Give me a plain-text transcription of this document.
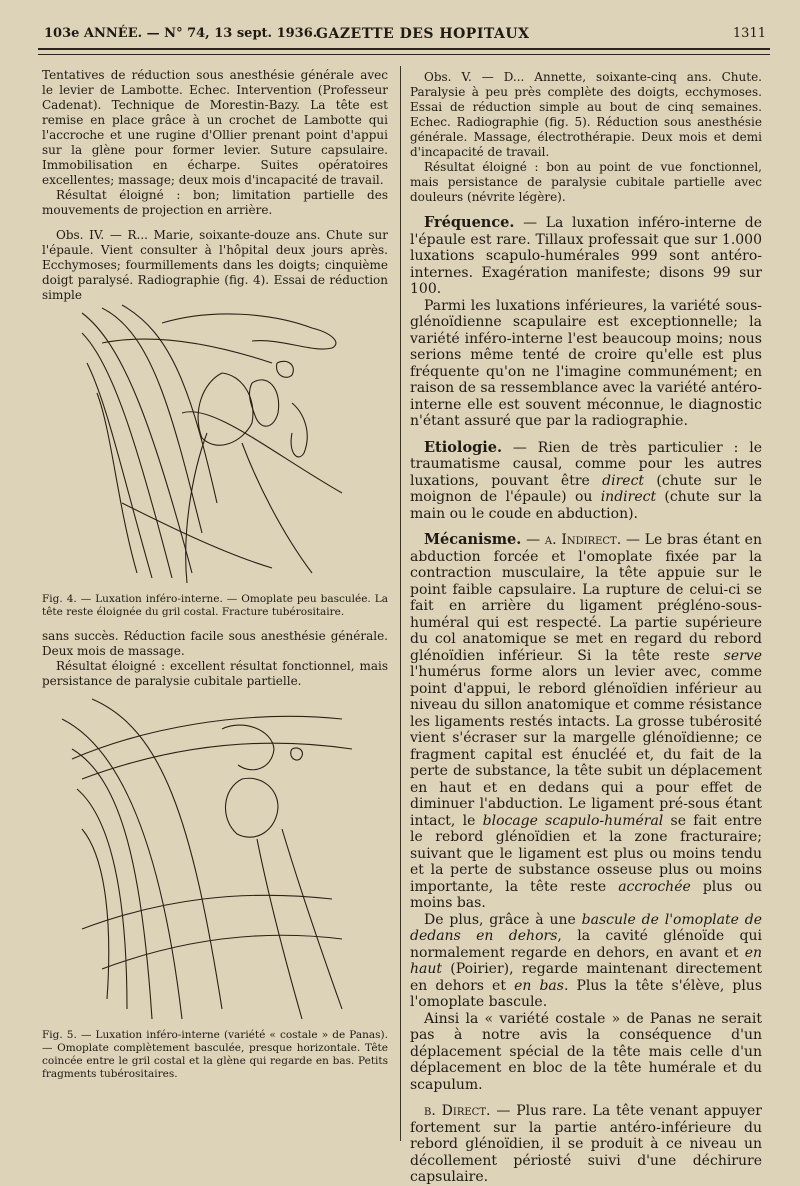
103e ANNÉE. — N° 74, 13 sept. 1936.
GAZETTE DES HOPITAUX	1311

Tentatives de réduction sous anesthésie générale avec le levier de Lambotte. Echec. Intervention (Professeur Cadenat). Technique de Morestin-Bazy. La tête est remise en place grâce à un crochet de Lambotte qui l'accroche et une rugine d'Ollier prenant point d'appui sur la glène pour former levier. Suture capsulaire. Immobilisation en écharpe. Suites opératoires excellentes; massage; deux mois d'incapacité de travail.

Résultat éloigné : bon; limitation partielle des mouvements de projection en arrière.

Obs. IV. — R... Marie, soixante-douze ans. Chute sur l'épaule. Vient consulter à l'hôpital deux jours après. Ecchymoses; fourmillements dans les doigts; cinquième doigt paralysé. Radiographie (fig. 4). Essai de réduction simple

Fig. 4. — Luxation inféro-interne. — Omoplate peu basculée. La tête reste éloignée du gril costal. Fracture tubérositaire.

sans succès. Réduction facile sous anesthésie générale. Deux mois de massage.

Résultat éloigné : excellent résultat fonctionnel, mais persistance de paralysie cubitale partielle.

Fig. 5. — Luxation inféro-interne (variété « costale » de Panas). — Omoplate complètement basculée, presque horizontale. Tête coincée entre le gril costal et la glène qui regarde en bas. Petits fragments tubérositaires.

Obs. V. — D... Annette, soixante-cinq ans. Chute. Paralysie à peu près complète des doigts, ecchymoses. Essai de réduction simple au bout de cinq semaines. Echec. Radiographie (fig. 5). Réduction sous anesthésie générale. Massage, électrothérapie. Deux mois et demi d'incapacité de travail.

Résultat éloigné : bon au point de vue fonctionnel, mais persistance de paralysie cubitale partielle avec douleurs (névrite légère).

Fréquence. — La luxation inféro-interne de l'épaule est rare. Tillaux professait que sur 1.000 luxations scapulo-humérales 999 sont antéro-internes. Exagération manifeste; disons 99 sur 100.

Parmi les luxations inférieures, la variété sous-glénoïdienne scapulaire est exceptionnelle; la variété inféro-interne l'est beaucoup moins; nous serions même tenté de croire qu'elle est plus fréquente qu'on ne l'imagine communément; en raison de sa ressemblance avec la variété antéro-interne elle est souvent méconnue, le diagnostic n'étant assuré que par la radiographie.

Etiologie. — Rien de très particulier : le traumatisme causal, comme pour les autres luxations, pouvant être direct (chute sur le moignon de l'épaule) ou indirect (chute sur la main ou le coude en abduction).

Mécanisme. — a. Indirect. — Le bras étant en abduction forcée et l'omoplate fixée par la contraction musculaire, la tête appuie sur le point faible capsulaire. La rupture de celui-ci se fait en arrière du ligament prégléno-sous-huméral qui est respecté. La partie supérieure du col anatomique se met en regard du rebord glénoïdien inférieur. Si la tête reste serve l'humérus forme alors un levier avec, comme point d'appui, le rebord glénoïdien inférieur au niveau du sillon anatomique et comme résistance les ligaments restés intacts. La grosse tubérosité vient s'écraser sur la margelle glénoïdienne; ce fragment capital est énucléé et, du fait de la perte de substance, la tête subit un déplacement en haut et en dedans qui a pour effet de diminuer l'abduction. Le ligament pré-sous étant intact, le blocage scapulo-huméral se fait entre le rebord glénoïdien et la zone fracturaire; suivant que le ligament est plus ou moins tendu et la perte de substance osseuse plus ou moins importante, la tête reste accrochée plus ou moins bas.

De plus, grâce à une bascule de l'omoplate de dedans en dehors, la cavité glénoïde qui normalement regarde en dehors, en avant et en haut (Poirier), regarde maintenant directement en dehors et en bas. Plus la tête s'élève, plus l'omoplate bascule.

Ainsi la « variété costale » de Panas ne serait pas à notre avis la conséquence d'un déplacement spécial de la tête mais celle d'un déplacement en bloc de la tête humérale et du scapulum.

b. Direct. — Plus rare. La tête venant appuyer fortement sur la partie antéro-inférieure du rebord glénoïdien, il se produit à ce niveau un décollement périosté suivi d'une déchirure capsulaire.
